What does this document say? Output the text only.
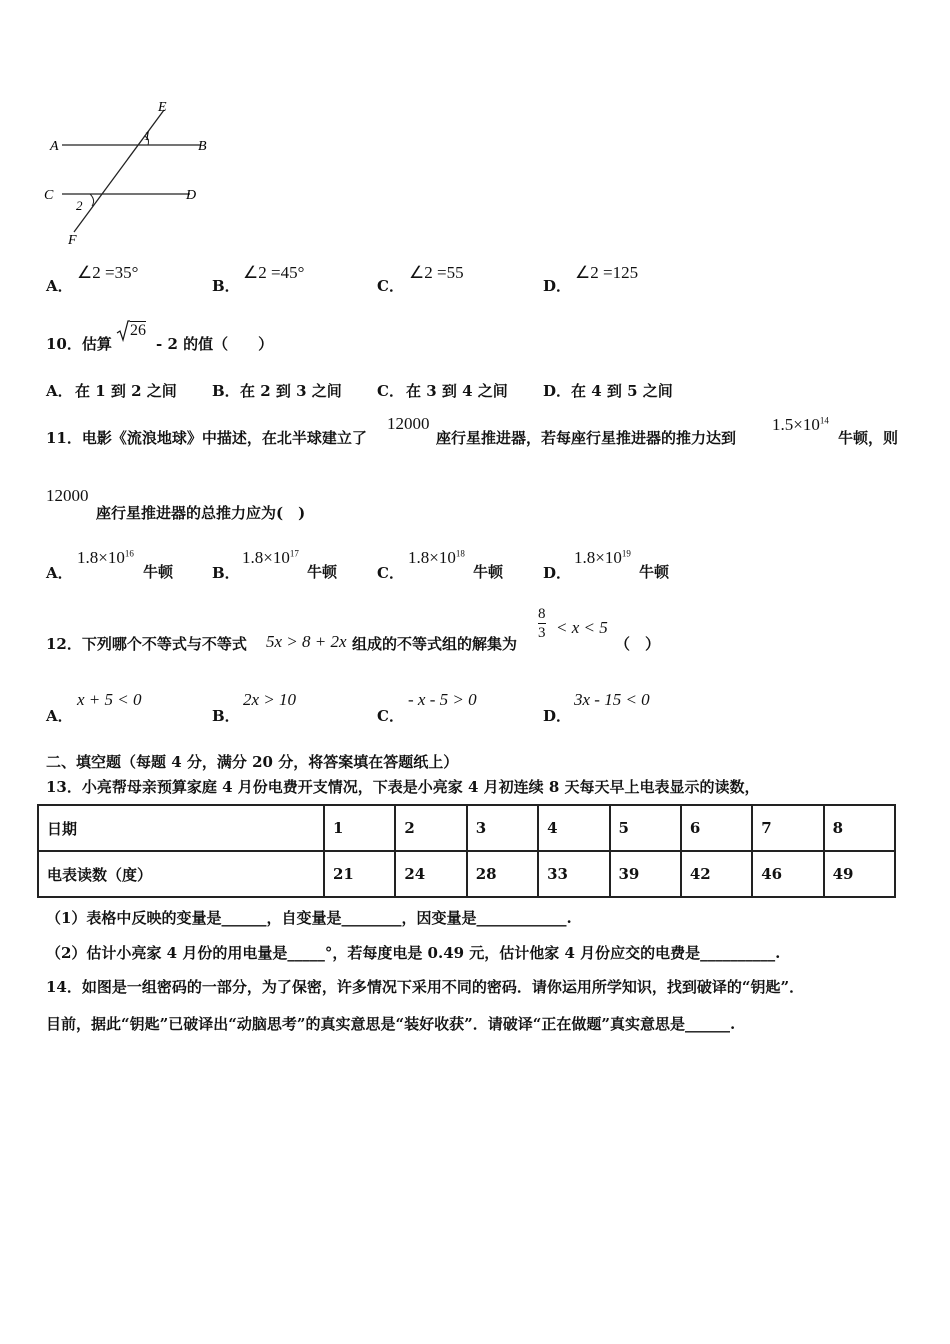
E
A	B
C	D
F
1
2
A．
∠2 =35°
B．
∠2 =45°
C．
∠2 =55
D．
∠2 =125
10．估算
26
- 2 的值（　　）
A． 在 1 到 2 之间 B． 在 2 到 3 之间 C． 在 3 到 4 之间 D． 在 4 到 5 之间
11．电影《流浪地球》中描述，在北半球建立了
12000
座行星推进器，若每座行星推进器的推力达到
$1.5\times 10^{14}$
牛顿，则
12000
座行星推进器的总推力应为(　)
A．
$1.8\times 10^{16}$
牛顿	B．
$1.8\times 10^{17}$
牛顿	C．
$1.8\times 10^{18}$
牛顿	D．
$1.8\times 10^{19}$
牛顿
12．下列哪个不等式与不等式 5x > 8 + 2x 组成的不等式组的解集为
$\frac{8}{3} < x < 5$
（　）
A．
x + 5 < 0
B．
2x > 10
C．
- x - 5 > 0
D．
3x - 15 < 0
二、填空题（每题 4 分，满分 20 分，将答案填在答题纸上）
13．小亮帮母亲预算家庭 4 月份电费开支情况，下表是小亮家 4 月初连续 8 天每天早上电表显示的读数，
日期	1	2	3	4	5	6	7	8
电表读数（度）	21	24	28	33	39	42	46	49
（1）表格中反映的变量是______，自变量是________，因变量是____________.
（2）估计小亮家 4 月份的用电量是_____°，若每度电是 0.49 元，估计他家 4 月份应交的电费是__________.
14．如图是一组密码的一部分，为了保密，许多情况下采用不同的密码．请你运用所学知识，找到破译的“钥匙”．
目前，据此“钥匙”已破译出“动脑思考”的真实意思是“装好收获”．请破译“正在做题”真实意思是______.
